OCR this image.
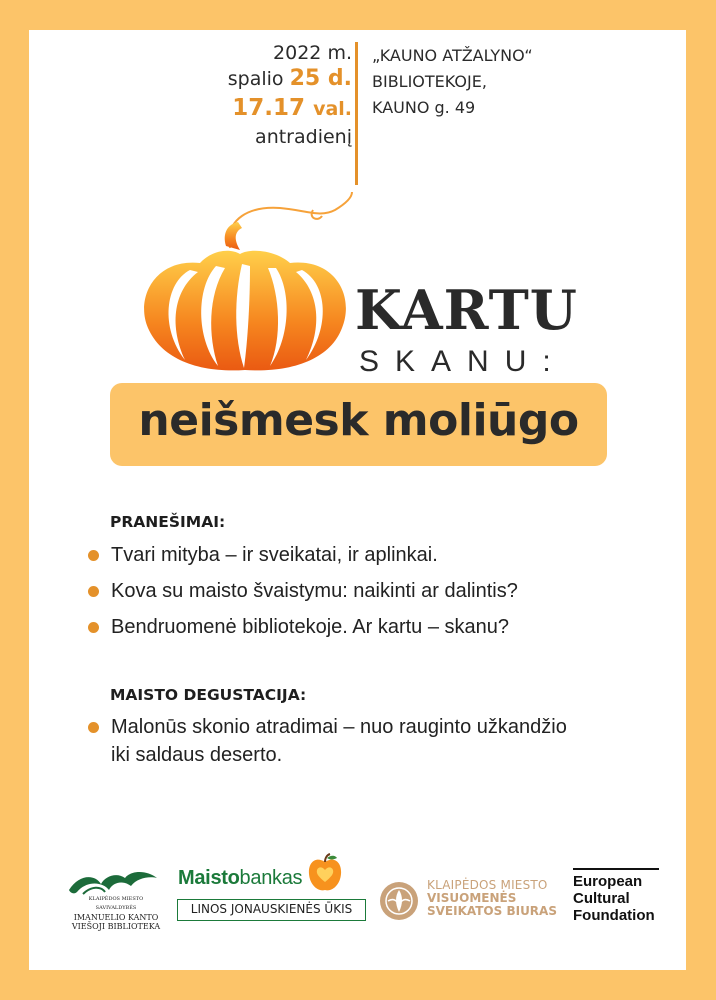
2022 m.
spalio 25 d.
17.17 val.
antradienį
„KAUNO ATŽALYNO“
BIBLIOTEKOJE,
KAUNO g. 49
KARTU
SKANU:
neišmesk moliūgo
PRANEŠIMAI:
Tvari mityba – ir sveikatai, ir aplinkai.
Kova su maisto švaistymu: naikinti ar dalintis?
Bendruomenė bibliotekoje. Ar kartu – skanu?
MAISTO DEGUSTACIJA:
Malonūs skonio atradimai – nuo rauginto užkandžio
iki saldaus deserto.
KLAIPĖDOS MIESTO SAVIVALDYBĖS
IMANUELIO KANTO
VIEŠOJI BIBLIOTEKA
Maistobankas
LINOS JONAUSKIENĖS ŪKIS
KLAIPĖDOS MIESTO
VISUOMENĖS
SVEIKATOS BIURAS
European
Cultural
Foundation
